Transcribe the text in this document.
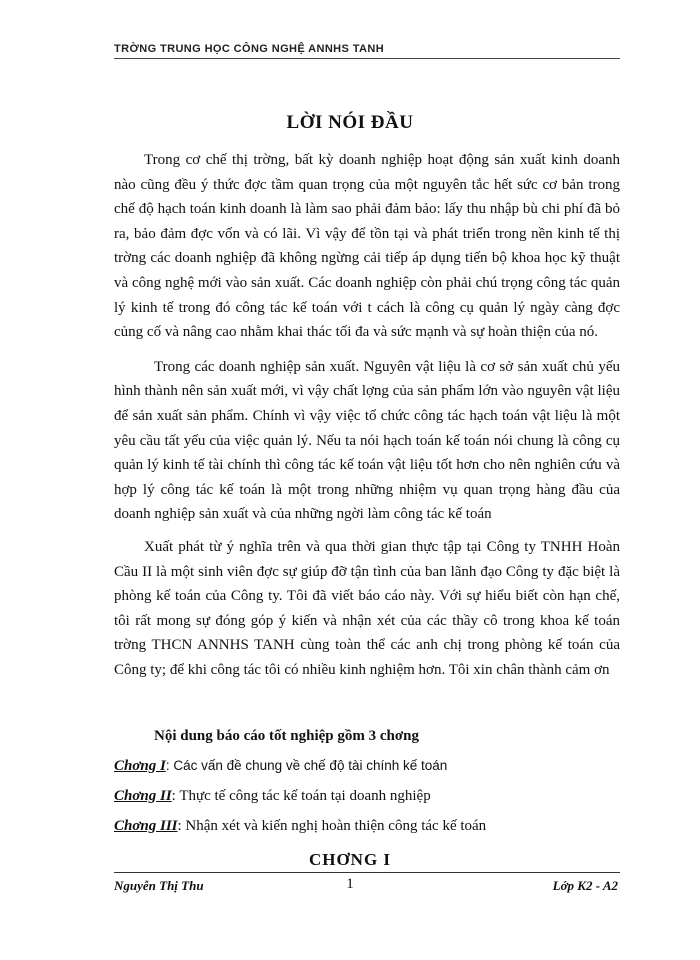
TRỜNG TRUNG HỌC CÔNG NGHỆ ANNHS TANH
LỜI NÓI ĐẦU

Trong cơ chế thị trờng, bất kỳ doanh nghiệp hoạt động sản xuất kinh doanh nào cũng đều ý thức đợc tầm quan trọng của một nguyên tắc hết sức cơ bản trong chế độ hạch toán kinh doanh là làm sao phải đảm bảo: lấy thu nhập bù chi phí đã bỏ ra, bảo đảm đợc vốn và có lãi. Vì vậy để tồn tại và phát triển trong nền kinh tế thị trờng các doanh nghiệp đã không ngừng cải tiếp áp dụng tiến bộ khoa học kỹ thuật và công nghệ mới vào sản xuất. Các doanh nghiệp còn phải chú trọng công tác quản lý kinh tế trong đó công tác kế toán với t cách là công cụ quản lý ngày càng đợc củng cố và nâng cao nhằm khai thác tối đa và sức mạnh và sự hoàn thiện của nó.

Trong các doanh nghiệp sản xuất. Nguyên vật liệu là cơ sở sản xuất chủ yếu hình thành nên sản xuất mới, vì vậy chất lợng của sản phẩm lớn vào nguyên vật liệu để sản xuất sản phẩm. Chính vì vậy việc tổ chức công tác hạch toán vật liệu là một yêu cầu tất yếu của việc quản lý. Nếu ta nói hạch toán kế toán nói chung là công cụ quản lý kinh tế tài chính thì công tác kế toán vật liệu tốt hơn cho nên nghiên cứu và hợp lý công tác kế toán là một trong những nhiệm vụ quan trọng hàng đầu của doanh nghiệp sản xuất và của những ngời làm công tác kế toán

Xuất phát từ ý nghĩa trên và qua thời gian thực tập tại Công ty TNHH Hoàn Cầu II là một sinh viên đợc sự giúp đỡ tận tình của ban lãnh đạo Công ty đặc biệt là phòng kế toán của Công ty. Tôi đã viết báo cáo này. Với sự hiểu biết còn hạn chế, tôi rất mong sự đóng góp ý kiến và nhận xét của các thầy cô trong khoa kế toán trờng THCN ANNHS TANH cùng toàn thể các anh chị trong phòng kế toán của Công ty; để khi công tác tôi có nhiều kinh nghiệm hơn. Tôi xin chân thành cảm ơn

Nội dung báo cáo tốt nghiệp gồm 3 chơng
Chơng I: Các vấn đề chung về chế độ tài chính kế toán
Chơng II: Thực tế công tác kế toán tại doanh nghiệp
Chơng III: Nhận xét và kiến nghị hoàn thiện công tác kế toán
CHƠNG I
Nguyễn Thị Thu	1	Lớp K2 - A2
